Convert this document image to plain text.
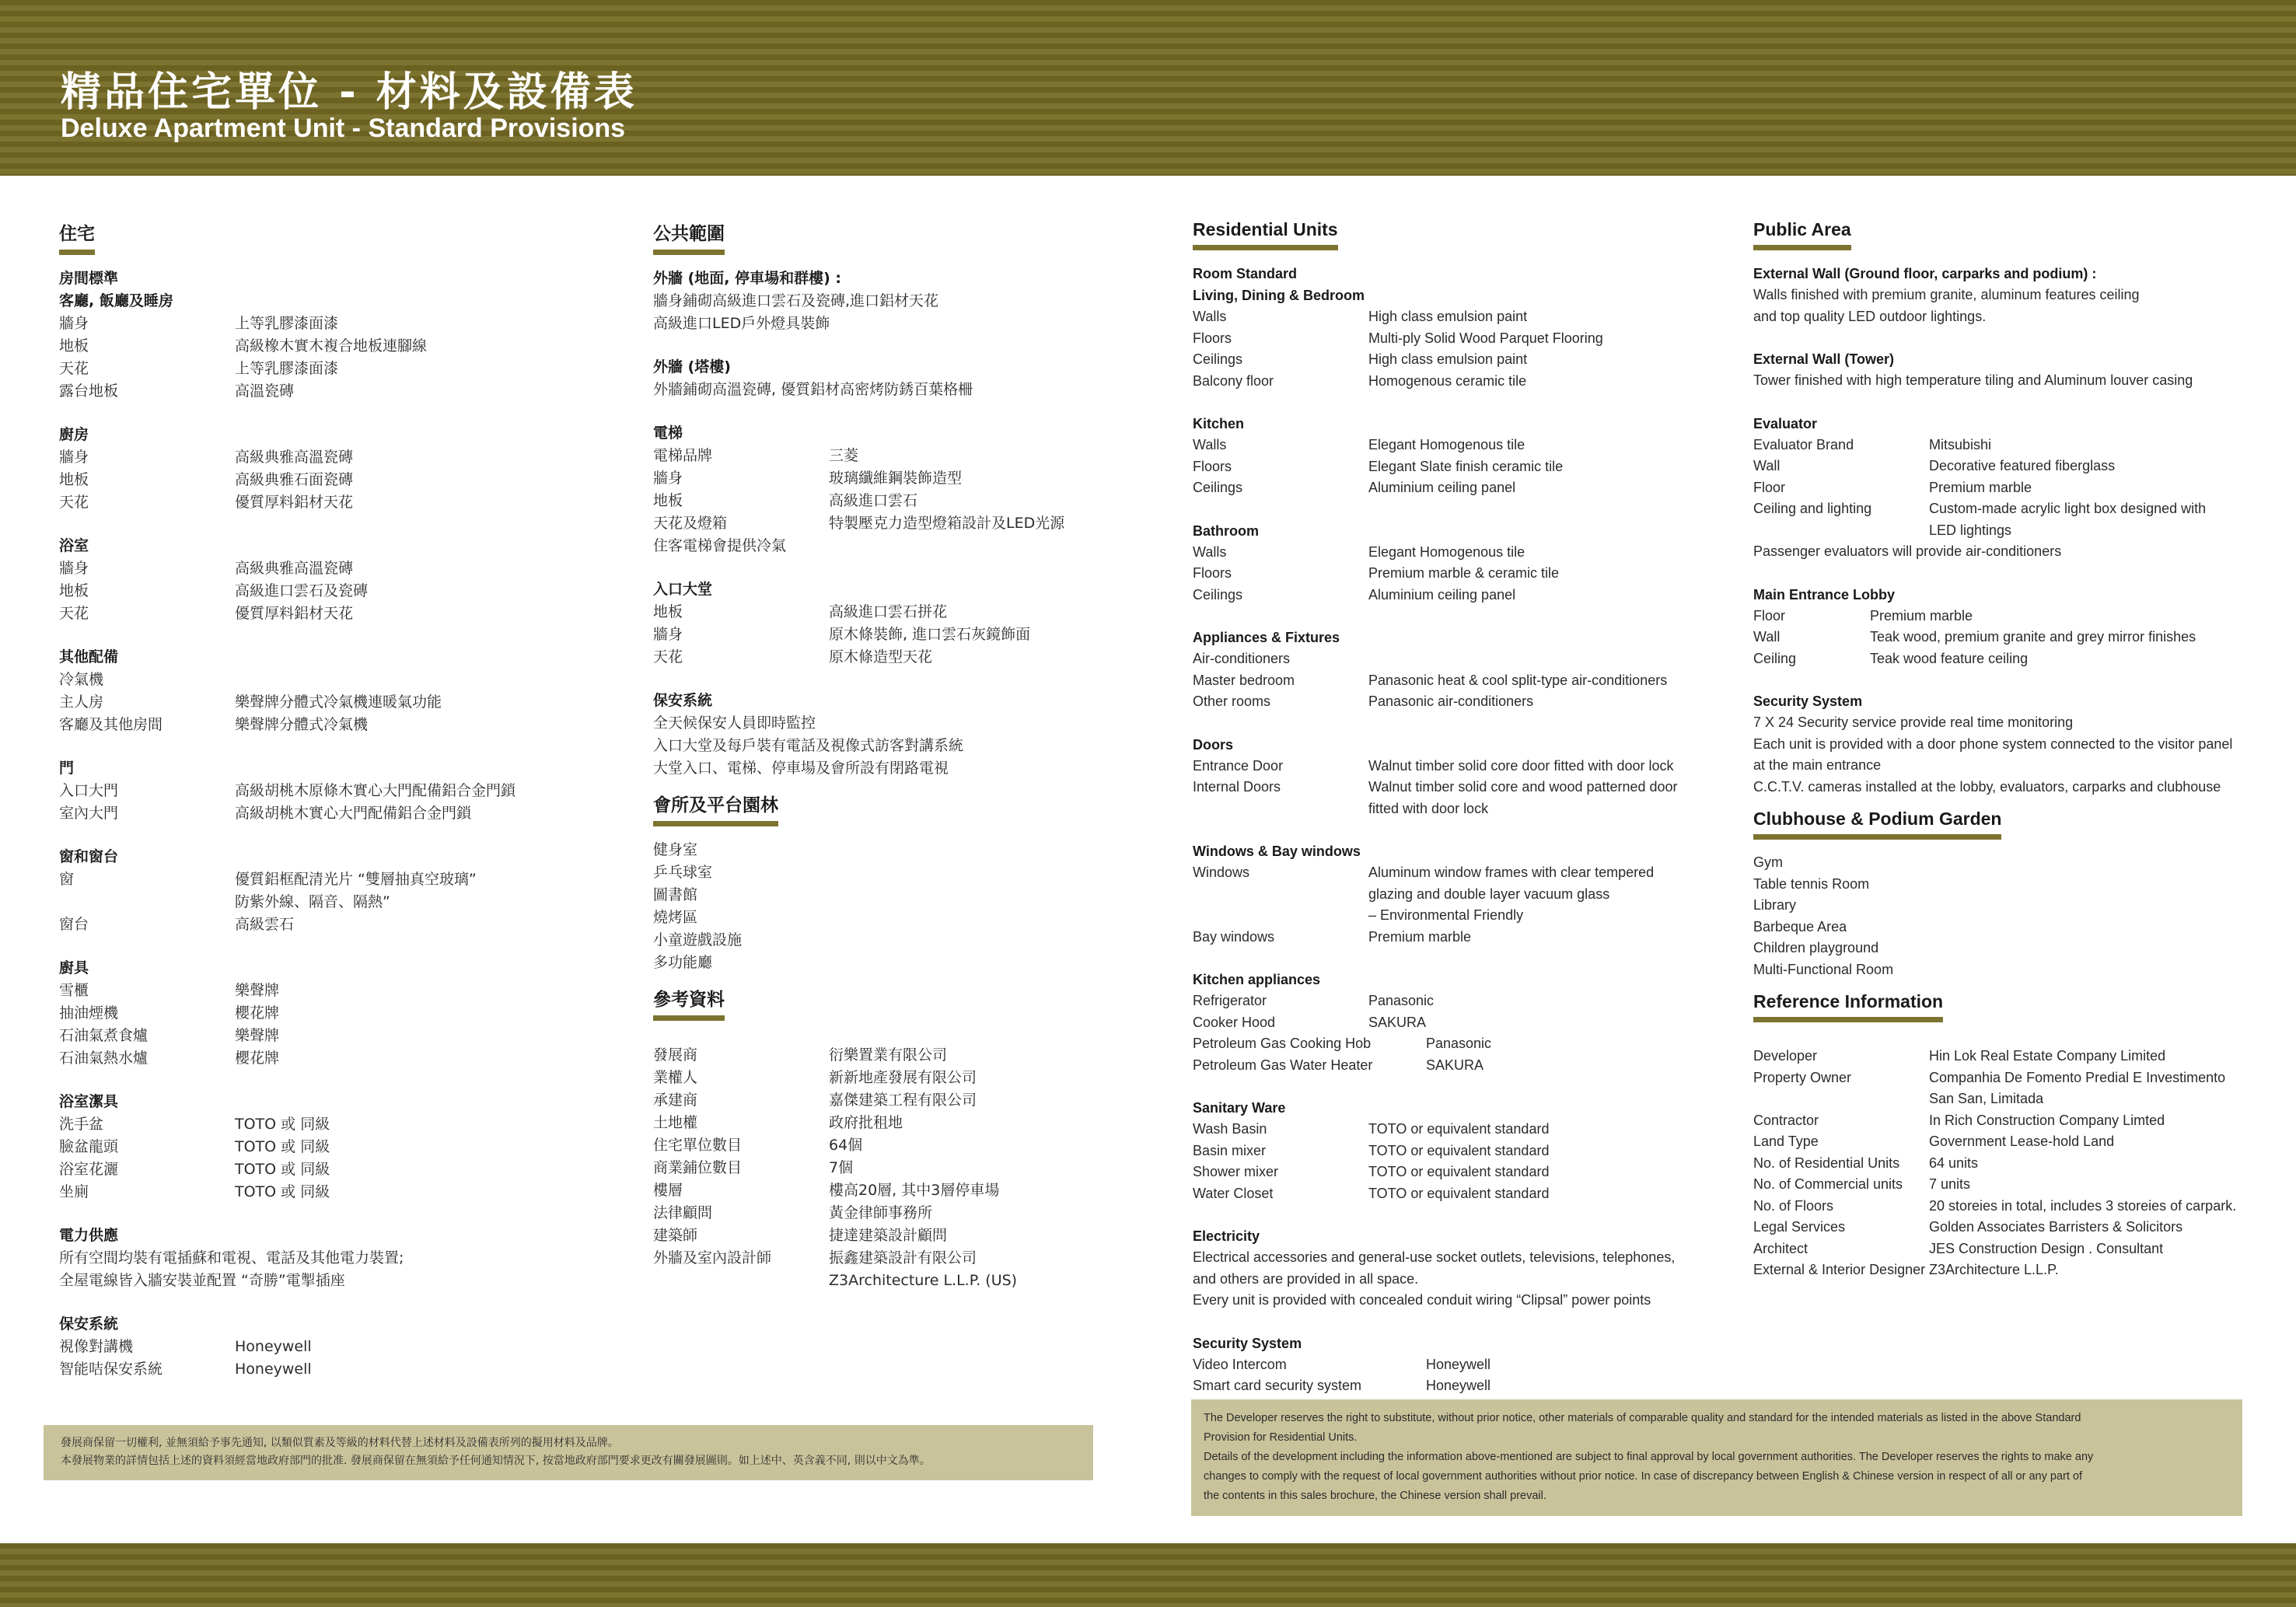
精品住宅單位 - 材料及設備表
Deluxe Apartment Unit - Standard Provisions
住宅
房間標準
客廳, 飯廳及睡房
牆身	上等乳膠漆面漆
地板	高級橡木實木複合地板連腳線
天花	上等乳膠漆面漆
露台地板	高溫瓷磚
廚房
牆身	高級典雅高溫瓷磚
地板	高級典雅石面瓷磚
天花	優質厚料鋁材天花
浴室
牆身	高級典雅高溫瓷磚
地板	高級進口雲石及瓷磚
天花	優質厚料鋁材天花
其他配備
冷氣機
主人房	樂聲牌分體式冷氣機連暖氣功能
客廳及其他房間	樂聲牌分體式冷氣機
門
入口大門	高級胡桃木原條木實心大門配備鋁合金門鎖
室內大門	高級胡桃木實心大門配備鋁合金門鎖
窗和窗台
窗	優質鋁框配清光片 “雙層抽真空玻璃”
防紫外線、隔音、隔熱”
窗台	高級雲石
廚具
雪櫃	樂聲牌
抽油煙機	櫻花牌
石油氣煮食爐	樂聲牌
石油氣熱水爐	櫻花牌
浴室潔具
洗手盆	TOTO 或 同級
臉盆龍頭	TOTO 或 同級
浴室花灑	TOTO 或 同級
坐廁	TOTO 或 同級
電力供應
所有空間均裝有電插蘇和電視、電話及其他電力裝置;
全屋電線皆入牆安裝並配置 “奇勝”電掣插座
保安系統
視像對講機	Honeywell
智能咭保安系統	Honeywell
公共範圍
外牆 (地面, 停車場和群樓) :
牆身鋪砌高級進口雲石及瓷磚,進口鋁材天花
高級進口LED戶外燈具裝飾
外牆 (塔樓)
外牆鋪砌高溫瓷磚, 優質鋁材高密烤防銹百葉格柵
電梯
電梯品牌	三菱
牆身	玻璃纖維鋼裝飾造型
地板	高級進口雲石
天花及燈箱	特製壓克力造型燈箱設計及LED光源
住客電梯會提供冷氣
入口大堂
地板	高級進口雲石拼花
牆身	原木條裝飾, 進口雲石灰鏡飾面
天花	原木條造型天花
保安系統
全天候保安人員即時監控
入口大堂及每戶裝有電話及視像式訪客對講系統
大堂入口、電梯、停車場及會所設有閉路電視
會所及平台園林
健身室
乒乓球室
圖書館
燒烤區
小童遊戲設施
多功能廳
參考資料
發展商	衍樂置業有限公司
業權人	新新地產發展有限公司
承建商	嘉傑建築工程有限公司
土地權	政府批租地
住宅單位數目	64個
商業鋪位數目	7個
樓層	樓高20層, 其中3層停車場
法律顧問	黃金律師事務所
建築師	捷達建築設計顧問
外牆及室內設計師	振鑫建築設計有限公司
Z3Architecture L.L.P. (US)
Residential Units
Room Standard
Living, Dining & Bedroom
Walls	High class emulsion paint
Floors	Multi-ply Solid Wood Parquet Flooring
Ceilings	High class emulsion paint
Balcony floor	Homogenous ceramic tile
Kitchen
Walls	Elegant Homogenous tile
Floors	Elegant Slate finish ceramic tile
Ceilings	Aluminium ceiling panel
Bathroom
Walls	Elegant Homogenous tile
Floors	Premium marble & ceramic tile
Ceilings	Aluminium ceiling panel
Appliances & Fixtures
Air-conditioners
Master bedroom	Panasonic heat & cool split-type air-conditioners
Other rooms	Panasonic air-conditioners
Doors
Entrance Door	Walnut timber solid core door fitted with door lock
Internal Doors	Walnut timber solid core and wood patterned door
fitted with door lock
Windows & Bay windows
Windows	Aluminum window frames with clear tempered
glazing and double layer vacuum glass
– Environmental Friendly
Bay windows	Premium marble
Kitchen appliances
Refrigerator	Panasonic
Cooker Hood	SAKURA
Petroleum Gas Cooking Hob	Panasonic
Petroleum Gas Water Heater	SAKURA
Sanitary Ware
Wash Basin	TOTO or equivalent standard
Basin mixer	TOTO or equivalent standard
Shower mixer	TOTO or equivalent standard
Water Closet	TOTO or equivalent standard
Electricity
Electrical accessories and general-use socket outlets, televisions, telephones,
and others are provided in all space.
Every unit is provided with concealed conduit wiring “Clipsal” power points
Security System
Video Intercom	Honeywell
Smart card security system	Honeywell
Public Area
External Wall (Ground floor, carparks and podium) :
Walls finished with premium granite, aluminum features ceiling
and top quality LED outdoor lightings.
External Wall (Tower)
Tower finished with high temperature tiling and Aluminum louver casing
Evaluator
Evaluator Brand	Mitsubishi
Wall	Decorative featured fiberglass
Floor	Premium marble
Ceiling and lighting	Custom-made acrylic light box designed with
LED lightings
Passenger evaluators will provide air-conditioners
Main Entrance Lobby
Floor	Premium marble
Wall	Teak wood, premium granite and grey mirror finishes
Ceiling	Teak wood feature ceiling
Security System
7 X 24 Security service provide real time monitoring
Each unit is provided with a door phone system connected to the visitor panel
at the main entrance
C.C.T.V. cameras installed at the lobby, evaluators, carparks and clubhouse
Clubhouse & Podium Garden
Gym
Table tennis Room
Library
Barbeque Area
Children playground
Multi-Functional Room
Reference Information
Developer	Hin Lok Real Estate Company Limited
Property Owner	Companhia De Fomento Predial E Investimento
San San, Limitada
Contractor	In Rich Construction Company Limted
Land Type	Government Lease-hold Land
No. of Residential Units	64 units
No. of Commercial units	7 units
No. of Floors	20 storeies in total, includes 3 storeies of carpark.
Legal Services	Golden Associates Barristers & Solicitors
Architect	JES Construction Design . Consultant
External & Interior Designer Z3Architecture L.L.P.
發展商保留一切權利, 並無須給予事先通知, 以類似質素及等級的材料代替上述材料及設備表所列的擬用材料及品牌。
本發展物業的詳情包括上述的資料須經當地政府部門的批准. 發展商保留在無須給予任何通知情況下, 按當地政府部門要求更改有關發展圖則。如上述中、英含義不同, 則以中文為準。
The Developer reserves the right to substitute, without prior notice, other materials of comparable quality and standard for the intended materials as listed in the above Standard
Provision for Residential Units.
Details of the development including the information above-mentioned are subject to final approval by local government authorities. The Developer reserves the rights to make any
changes to comply with the request of local government authorities without prior notice. In case of discrepancy between English & Chinese version in respect of all or any part of
the contents in this sales brochure, the Chinese version shall prevail.
